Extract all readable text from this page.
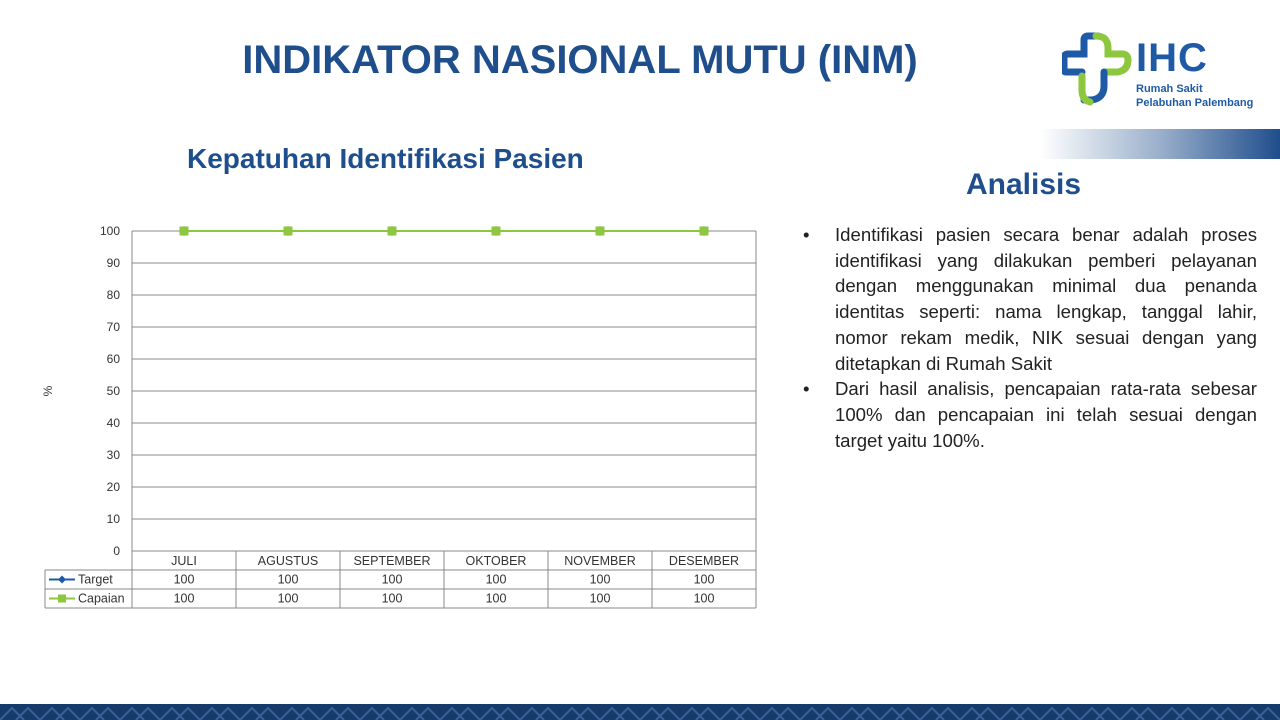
INDIKATOR NASIONAL MUTU (INM)	IHC
Rumah Sakit
Pelabuhan Palembang
Kepatuhan Identifikasi Pasien
0
10
20
30
40
50
60
70
80
90
100
%
JULI	AGUSTUS	SEPTEMBER	OKTOBER	NOVEMBER	DESEMBER
Target	100	100	100	100	100	100
Capaian	100	100	100	100	100	100
Analisis
• Identifikasi pasien secara benar adalah proses identifikasi yang dilakukan pemberi pelayanan dengan menggunakan minimal dua penanda identitas seperti: nama lengkap, tanggal lahir, nomor rekam medik, NIK sesuai dengan yang ditetapkan di Rumah Sakit
• Dari hasil analisis, pencapaian rata-rata sebesar 100% dan pencapaian ini telah sesuai dengan target yaitu 100%.
